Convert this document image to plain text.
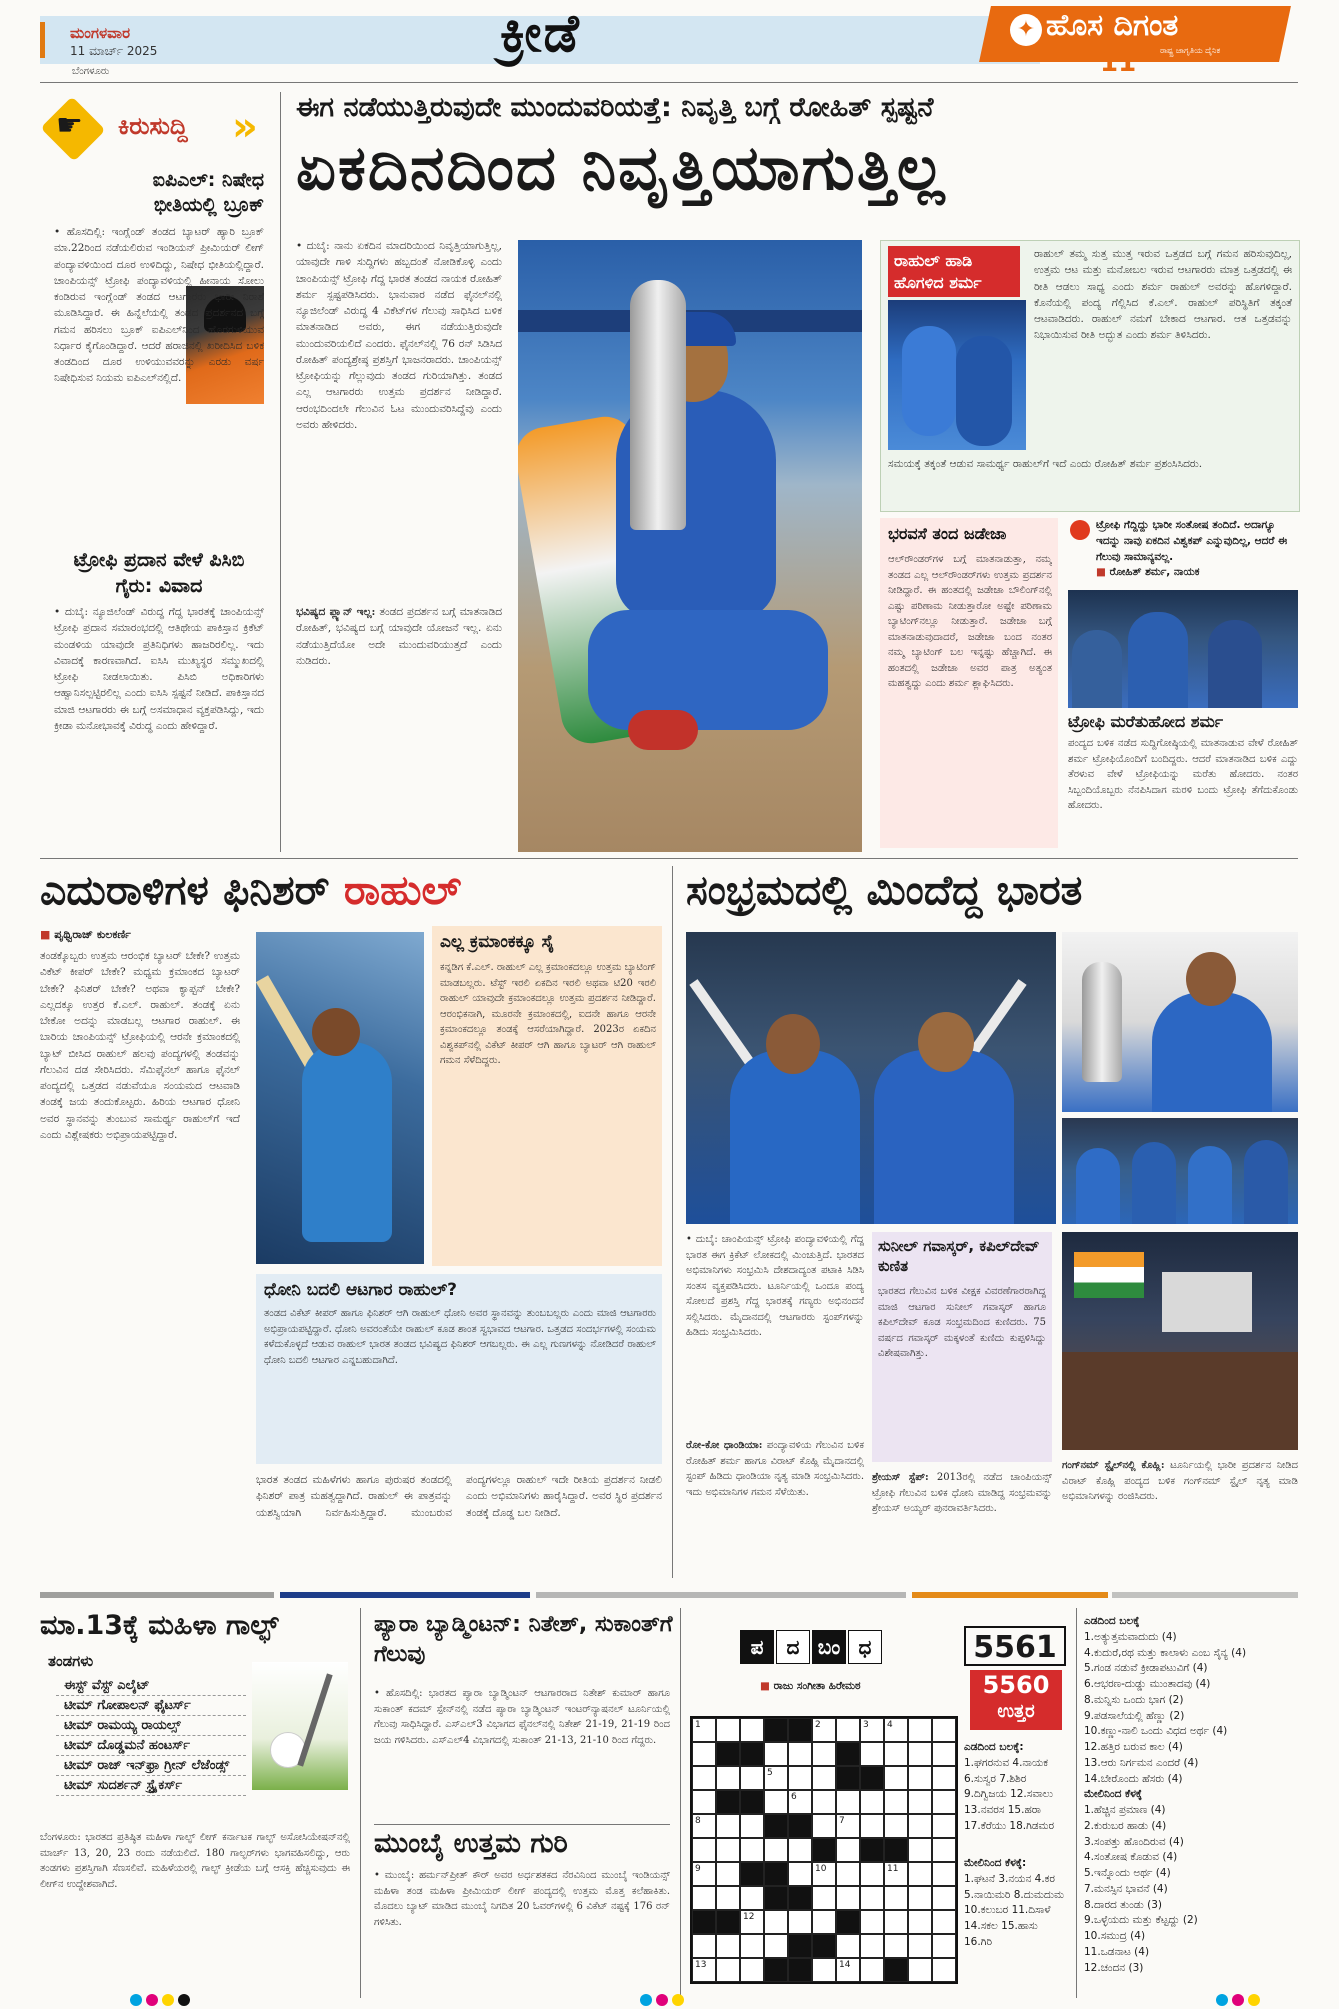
ಮಂಗಳವಾರ
11 ಮಾರ್ಚ್ 2025
ಬೆಂಗಳೂರು
ಕ್ರೀಡೆ	✦ ಹೊಸ ದಿಗಂತ
ರಾಷ್ಟ್ರ ಜಾಗೃತಿಯ ದೈನಿಕ
11
☛ ಕಿರುಸುದ್ದಿ »
ಐಪಿಎಲ್: ನಿಷೇಧ ಭೀತಿಯಲ್ಲಿ ಬ್ರೂಕ್
• ಹೊಸದಿಲ್ಲಿ: ಇಂಗ್ಲೆಂಡ್ ತಂಡದ ಬ್ಯಾಟರ್ ಹ್ಯಾರಿ ಬ್ರೂಕ್ ಮಾ.22ರಿಂದ ನಡೆಯಲಿರುವ ಇಂಡಿಯನ್ ಪ್ರೀಮಿಯರ್ ಲೀಗ್ ಪಂದ್ಯಾವಳಿಯಿಂದ ದೂರ ಉಳಿದಿದ್ದು, ನಿಷೇಧ ಭೀತಿಯಲ್ಲಿದ್ದಾರೆ. ಚಾಂಪಿಯನ್ಸ್ ಟ್ರೋಫಿ ಪಂದ್ಯಾವಳಿಯಲ್ಲಿ ಹೀನಾಯ ಸೋಲು ಕಂಡಿರುವ ಇಂಗ್ಲೆಂಡ್ ತಂಡದ ಆಟಗಾರರು ಭಾರೀ ನಿರಾಶೆ ಮೂಡಿಸಿದ್ದಾರೆ. ಈ ಹಿನ್ನೆಲೆಯಲ್ಲಿ ತಂಡದ ಪ್ರದರ್ಶನದ ಬಗ್ಗೆ ಗಮನ ಹರಿಸಲು ಬ್ರೂಕ್ ಐಪಿಎಲ್‌ನಿಂದ ಹೊರಗುಳಿಯುವ ನಿರ್ಧಾರ ಕೈಗೊಂಡಿದ್ದಾರೆ. ಆದರೆ ಹರಾಜಿನಲ್ಲಿ ಖರೀದಿಸಿದ ಬಳಿಕ ತಂಡದಿಂದ ದೂರ ಉಳಿಯುವವರನ್ನು ಎರಡು ವರ್ಷ ನಿಷೇಧಿಸುವ ನಿಯಮ ಐಪಿಎಲ್‌ನಲ್ಲಿದೆ.
ಟ್ರೋಫಿ ಪ್ರದಾನ ವೇಳೆ ಪಿಸಿಬಿ ಗೈರು: ವಿವಾದ
• ದುಬೈ: ನ್ಯೂಜಿಲೆಂಡ್ ವಿರುದ್ಧ ಗೆದ್ದ ಭಾರತಕ್ಕೆ ಚಾಂಪಿಯನ್ಸ್ ಟ್ರೋಫಿ ಪ್ರದಾನ ಸಮಾರಂಭದಲ್ಲಿ ಆತಿಥೇಯ ಪಾಕಿಸ್ತಾನ ಕ್ರಿಕೆಟ್ ಮಂಡಳಿಯ ಯಾವುದೇ ಪ್ರತಿನಿಧಿಗಳು ಹಾಜರಿರಲಿಲ್ಲ. ಇದು ವಿವಾದಕ್ಕೆ ಕಾರಣವಾಗಿದೆ. ಐಸಿಸಿ ಮುಖ್ಯಸ್ಥರ ಸಮ್ಮುಖದಲ್ಲಿ ಟ್ರೋಫಿ ನೀಡಲಾಯಿತು. ಪಿಸಿಬಿ ಅಧಿಕಾರಿಗಳು ಆಹ್ವಾನಿಸಲ್ಪಟ್ಟಿರಲಿಲ್ಲ ಎಂದು ಐಸಿಸಿ ಸ್ಪಷ್ಟನೆ ನೀಡಿದೆ. ಪಾಕಿಸ್ತಾನದ ಮಾಜಿ ಆಟಗಾರರು ಈ ಬಗ್ಗೆ ಅಸಮಾಧಾನ ವ್ಯಕ್ತಪಡಿಸಿದ್ದು, ಇದು ಕ್ರೀಡಾ ಮನೋಭಾವಕ್ಕೆ ವಿರುದ್ಧ ಎಂದು ಹೇಳಿದ್ದಾರೆ.
ಈಗ ನಡೆಯುತ್ತಿರುವುದೇ ಮುಂದುವರಿಯತ್ತೆ: ನಿವೃತ್ತಿ ಬಗ್ಗೆ ರೋಹಿತ್ ಸ್ಪಷ್ಟನೆ
ಏಕದಿನದಿಂದ ನಿವೃತ್ತಿಯಾಗುತ್ತಿಲ್ಲ
• ದುಬೈ: ನಾನು ಏಕದಿನ ಮಾದರಿಯಿಂದ ನಿವೃತ್ತಿಯಾಗುತ್ತಿಲ್ಲ, ಯಾವುದೇ ಗಾಳಿ ಸುದ್ದಿಗಳು ಹಬ್ಬದಂತೆ ನೋಡಿಕೊಳ್ಳಿ ಎಂದು ಚಾಂಪಿಯನ್ಸ್ ಟ್ರೋಫಿ ಗೆದ್ದ ಭಾರತ ತಂಡದ ನಾಯಕ ರೋಹಿತ್ ಶರ್ಮ ಸ್ಪಷ್ಟಪಡಿಸಿದರು. ಭಾನುವಾರ ನಡೆದ ಫೈನಲ್‌ನಲ್ಲಿ ನ್ಯೂಜಿಲೆಂಡ್ ವಿರುದ್ಧ 4 ವಿಕೆಟ್‌ಗಳ ಗೆಲುವು ಸಾಧಿಸಿದ ಬಳಿಕ ಮಾತನಾಡಿದ ಅವರು, ಈಗ ನಡೆಯುತ್ತಿರುವುದೇ ಮುಂದುವರಿಯಲಿದೆ ಎಂದರು. ಫೈನಲ್‌ನಲ್ಲಿ 76 ರನ್ ಸಿಡಿಸಿದ ರೋಹಿತ್ ಪಂದ್ಯಶ್ರೇಷ್ಠ ಪ್ರಶಸ್ತಿಗೆ ಭಾಜನರಾದರು. ಚಾಂಪಿಯನ್ಸ್ ಟ್ರೋಫಿಯನ್ನು ಗೆಲ್ಲುವುದು ತಂಡದ ಗುರಿಯಾಗಿತ್ತು. ತಂಡದ ಎಲ್ಲ ಆಟಗಾರರು ಉತ್ತಮ ಪ್ರದರ್ಶನ ನೀಡಿದ್ದಾರೆ. ಆರಂಭದಿಂದಲೇ ಗೆಲುವಿನ ಓಟ ಮುಂದುವರಿಸಿದ್ದೆವು ಎಂದು ಅವರು ಹೇಳಿದರು.
ಭವಿಷ್ಯದ ಪ್ಲ್ಯಾನ್ ಇಲ್ಲ: ತಂಡದ ಪ್ರದರ್ಶನ ಬಗ್ಗೆ ಮಾತನಾಡಿದ ರೋಹಿತ್, ಭವಿಷ್ಯದ ಬಗ್ಗೆ ಯಾವುದೇ ಯೋಜನೆ ಇಲ್ಲ. ಏನು ನಡೆಯುತ್ತಿದೆಯೋ ಅದೇ ಮುಂದುವರಿಯುತ್ತದೆ ಎಂದು ನುಡಿದರು.
ರಾಹುಲ್ ಹಾಡಿ ಹೊಗಳಿದ ಶರ್ಮ
ರಾಹುಲ್ ತಮ್ಮ ಸುತ್ತ ಮುತ್ತ ಇರುವ ಒತ್ತಡದ ಬಗ್ಗೆ ಗಮನ ಹರಿಸುವುದಿಲ್ಲ, ಉತ್ತಮ ಆಟ ಮತ್ತು ಮನೋಬಲ ಇರುವ ಆಟಗಾರರು ಮಾತ್ರ ಒತ್ತಡದಲ್ಲಿ ಈ ರೀತಿ ಆಡಲು ಸಾಧ್ಯ ಎಂದು ಶರ್ಮ ರಾಹುಲ್ ಅವರನ್ನು ಹೊಗಳಿದ್ದಾರೆ. ಕೊನೆಯಲ್ಲಿ ಪಂದ್ಯ ಗೆಲ್ಲಿಸಿದ ಕೆ.ಎಲ್. ರಾಹುಲ್ ಪರಿಸ್ಥಿತಿಗೆ ತಕ್ಕಂತೆ ಆಟವಾಡಿದರು. ರಾಹುಲ್ ನಮಗೆ ಬೇಕಾದ ಆಟಗಾರ. ಆತ ಒತ್ತಡವನ್ನು ನಿಭಾಯಿಸುವ ರೀತಿ ಅದ್ಭುತ ಎಂದು ಶರ್ಮ ತಿಳಿಸಿದರು.
ಸಮಯಕ್ಕೆ ತಕ್ಕಂತೆ ಆಡುವ ಸಾಮರ್ಥ್ಯ ರಾಹುಲ್‌ಗೆ ಇದೆ ಎಂದು ರೋಹಿತ್ ಶರ್ಮ ಪ್ರಶಂಸಿಸಿದರು.
ಭರವಸೆ ತಂದ ಜಡೇಜಾ
ಆಲ್‌ರೌಂಡರ್‌ಗಳ ಬಗ್ಗೆ ಮಾತನಾಡುತ್ತಾ, ನಮ್ಮ ತಂಡದ ಎಲ್ಲ ಆಲ್‌ರೌಂಡರ್‌ಗಳು ಉತ್ತಮ ಪ್ರದರ್ಶನ ನೀಡಿದ್ದಾರೆ. ಈ ಹಂತದಲ್ಲಿ ಜಡೇಜಾ ಬೌಲಿಂಗ್‌ನಲ್ಲಿ ಎಷ್ಟು ಪರಿಣಾಮ ನೀಡುತ್ತಾರೋ ಅಷ್ಟೇ ಪರಿಣಾಮ ಬ್ಯಾಟಿಂಗ್‌ನಲ್ಲೂ ನೀಡುತ್ತಾರೆ. ಜಡೇಜಾ ಬಗ್ಗೆ ಮಾತನಾಡುವುದಾದರೆ, ಜಡೇಜಾ ಬಂದ ನಂತರ ನಮ್ಮ ಬ್ಯಾಟಿಂಗ್ ಬಲ ಇನ್ನಷ್ಟು ಹೆಚ್ಚಾಗಿದೆ. ಈ ಹಂತದಲ್ಲಿ ಜಡೇಜಾ ಅವರ ಪಾತ್ರ ಅತ್ಯಂತ ಮಹತ್ವದ್ದು ಎಂದು ಶರ್ಮ ಶ್ಲಾಘಿಸಿದರು.
ಟ್ರೋಫಿ ಗೆದ್ದಿದ್ದು ಭಾರೀ ಸಂತೋಷ ತಂದಿದೆ. ಅದಾಗ್ಯೂ ಇದನ್ನು ನಾವು ಏಕದಿನ ವಿಶ್ವಕಪ್ ಎನ್ನುವುದಿಲ್ಲ, ಆದರೆ ಈ ಗೆಲುವು ಸಾಮಾನ್ಯವಲ್ಲ.
■ ರೋಹಿತ್ ಶರ್ಮ, ನಾಯಕ
ಟ್ರೋಫಿ ಮರೆತುಹೋದ ಶರ್ಮ
ಪಂದ್ಯದ ಬಳಿಕ ನಡೆದ ಸುದ್ದಿಗೋಷ್ಠಿಯಲ್ಲಿ ಮಾತನಾಡುವ ವೇಳೆ ರೋಹಿತ್ ಶರ್ಮ ಟ್ರೋಫಿಯೊಂದಿಗೆ ಬಂದಿದ್ದರು. ಆದರೆ ಮಾತನಾಡಿದ ಬಳಿಕ ಎದ್ದು ತೆರಳುವ ವೇಳೆ ಟ್ರೋಫಿಯನ್ನು ಮರೆತು ಹೋದರು. ನಂತರ ಸಿಬ್ಬಂದಿಯೊಬ್ಬರು ನೆನಪಿಸಿದಾಗ ಮರಳಿ ಬಂದು ಟ್ರೋಫಿ ತೆಗೆದುಕೊಂಡು ಹೋದರು.
ಎದುರಾಳಿಗಳ ಫಿನಿಶರ್ ರಾಹುಲ್
■ ಪೃಥ್ವಿರಾಜ್ ಕುಲಕರ್ಣಿ
ತಂಡಕ್ಕೊಬ್ಬರು ಉತ್ತಮ ಆರಂಭಿಕ ಬ್ಯಾಟರ್ ಬೇಕೇ? ಉತ್ತಮ ವಿಕೆಟ್ ಕೀಪರ್ ಬೇಕೇ? ಮಧ್ಯಮ ಕ್ರಮಾಂಕದ ಬ್ಯಾಟರ್ ಬೇಕೇ? ಫಿನಿಶರ್ ಬೇಕೇ? ಅಥವಾ ಕ್ಯಾಪ್ಟನ್ ಬೇಕೇ? ಎಲ್ಲದಕ್ಕೂ ಉತ್ತರ ಕೆ.ಎಲ್. ರಾಹುಲ್. ತಂಡಕ್ಕೆ ಏನು ಬೇಕೋ ಅದನ್ನು ಮಾಡಬಲ್ಲ ಆಟಗಾರ ರಾಹುಲ್. ಈ ಬಾರಿಯ ಚಾಂಪಿಯನ್ಸ್ ಟ್ರೋಫಿಯಲ್ಲಿ ಆರನೇ ಕ್ರಮಾಂಕದಲ್ಲಿ ಬ್ಯಾಟ್ ಬೀಸಿದ ರಾಹುಲ್ ಹಲವು ಪಂದ್ಯಗಳಲ್ಲಿ ತಂಡವನ್ನು ಗೆಲುವಿನ ದಡ ಸೇರಿಸಿದರು. ಸೆಮಿಫೈನಲ್ ಹಾಗೂ ಫೈನಲ್ ಪಂದ್ಯದಲ್ಲಿ ಒತ್ತಡದ ನಡುವೆಯೂ ಸಂಯಮದ ಆಟವಾಡಿ ತಂಡಕ್ಕೆ ಜಯ ತಂದುಕೊಟ್ಟರು. ಹಿರಿಯ ಆಟಗಾರ ಧೋನಿ ಅವರ ಸ್ಥಾನವನ್ನು ತುಂಬುವ ಸಾಮರ್ಥ್ಯ ರಾಹುಲ್‌ಗೆ ಇದೆ ಎಂದು ವಿಶ್ಲೇಷಕರು ಅಭಿಪ್ರಾಯಪಟ್ಟಿದ್ದಾರೆ.
ಎಲ್ಲ ಕ್ರಮಾಂಕಕ್ಕೂ ಸೈ
ಕನ್ನಡಿಗ ಕೆ.ಎಲ್. ರಾಹುಲ್ ಎಲ್ಲ ಕ್ರಮಾಂಕದಲ್ಲೂ ಉತ್ತಮ ಬ್ಯಾಟಿಂಗ್ ಮಾಡಬಲ್ಲರು. ಟೆಸ್ಟ್ ಇರಲಿ ಏಕದಿನ ಇರಲಿ ಅಥವಾ ಟಿ20 ಇರಲಿ ರಾಹುಲ್ ಯಾವುದೇ ಕ್ರಮಾಂಕದಲ್ಲೂ ಉತ್ತಮ ಪ್ರದರ್ಶನ ನೀಡಿದ್ದಾರೆ. ಆರಂಭಿಕನಾಗಿ, ಮೂರನೇ ಕ್ರಮಾಂಕದಲ್ಲಿ, ಐದನೇ ಹಾಗೂ ಆರನೇ ಕ್ರಮಾಂಕದಲ್ಲೂ ತಂಡಕ್ಕೆ ಆಸರೆಯಾಗಿದ್ದಾರೆ. 2023ರ ಏಕದಿನ ವಿಶ್ವಕಪ್‌ನಲ್ಲಿ ವಿಕೆಟ್ ಕೀಪರ್ ಆಗಿ ಹಾಗೂ ಬ್ಯಾಟರ್ ಆಗಿ ರಾಹುಲ್ ಗಮನ ಸೆಳೆದಿದ್ದರು.
ಧೋನಿ ಬದಲಿ ಆಟಗಾರ ರಾಹುಲ್?
ತಂಡದ ವಿಕೆಟ್ ಕೀಪರ್ ಹಾಗೂ ಫಿನಿಶರ್ ಆಗಿ ರಾಹುಲ್ ಧೋನಿ ಅವರ ಸ್ಥಾನವನ್ನು ತುಂಬಬಲ್ಲರು ಎಂದು ಮಾಜಿ ಆಟಗಾರರು ಅಭಿಪ್ರಾಯಪಟ್ಟಿದ್ದಾರೆ. ಧೋನಿ ಅವರಂತೆಯೇ ರಾಹುಲ್ ಕೂಡ ಶಾಂತ ಸ್ವಭಾವದ ಆಟಗಾರ. ಒತ್ತಡದ ಸಂದರ್ಭಗಳಲ್ಲಿ ಸಂಯಮ ಕಳೆದುಕೊಳ್ಳದೆ ಆಡುವ ರಾಹುಲ್ ಭಾರತ ತಂಡದ ಭವಿಷ್ಯದ ಫಿನಿಶರ್ ಆಗಬಲ್ಲರು. ಈ ಎಲ್ಲ ಗುಣಗಳನ್ನು ನೋಡಿದರೆ ರಾಹುಲ್ ಧೋನಿ ಬದಲಿ ಆಟಗಾರ ಎನ್ನಬಹುದಾಗಿದೆ.
ಭಾರತ ತಂಡದ ಮಹಿಳೆಗಳು ಹಾಗೂ ಪುರುಷರ ತಂಡದಲ್ಲಿ ಫಿನಿಶರ್ ಪಾತ್ರ ಮಹತ್ವದ್ದಾಗಿದೆ. ರಾಹುಲ್ ಈ ಪಾತ್ರವನ್ನು ಯಶಸ್ವಿಯಾಗಿ ನಿರ್ವಹಿಸುತ್ತಿದ್ದಾರೆ. ಮುಂಬರುವ ಪಂದ್ಯಗಳಲ್ಲೂ ರಾಹುಲ್ ಇದೇ ರೀತಿಯ ಪ್ರದರ್ಶನ ನೀಡಲಿ ಎಂದು ಅಭಿಮಾನಿಗಳು ಹಾರೈಸಿದ್ದಾರೆ. ಅವರ ಸ್ಥಿರ ಪ್ರದರ್ಶನ ತಂಡಕ್ಕೆ ದೊಡ್ಡ ಬಲ ನೀಡಿದೆ.
ಸಂಭ್ರಮದಲ್ಲಿ ಮಿಂದೆದ್ದ ಭಾರತ
• ದುಬೈ: ಚಾಂಪಿಯನ್ಸ್ ಟ್ರೋಫಿ ಪಂದ್ಯಾವಳಿಯಲ್ಲಿ ಗೆದ್ದ ಭಾರತ ಈಗ ಕ್ರಿಕೆಟ್ ಲೋಕದಲ್ಲಿ ಮಿಂಚುತ್ತಿದೆ. ಭಾರತದ ಅಭಿಮಾನಿಗಳು ಸಂಭ್ರಮಿಸಿ ದೇಶದಾದ್ಯಂತ ಪಟಾಕಿ ಸಿಡಿಸಿ ಸಂತಸ ವ್ಯಕ್ತಪಡಿಸಿದರು. ಟೂರ್ನಿಯಲ್ಲಿ ಒಂದೂ ಪಂದ್ಯ ಸೋಲದೆ ಪ್ರಶಸ್ತಿ ಗೆದ್ದ ಭಾರತಕ್ಕೆ ಗಣ್ಯರು ಅಭಿನಂದನೆ ಸಲ್ಲಿಸಿದರು. ಮೈದಾನದಲ್ಲಿ ಆಟಗಾರರು ಸ್ಟಂಪ್‌ಗಳನ್ನು ಹಿಡಿದು ಸಂಭ್ರಮಿಸಿದರು.
ರೋ-ಕೋ ಧಾಂಡಿಯಾ: ಪಂದ್ಯಾವಳಿಯ ಗೆಲುವಿನ ಬಳಿಕ ರೋಹಿತ್ ಶರ್ಮ ಹಾಗೂ ವಿರಾಟ್ ಕೊಹ್ಲಿ ಮೈದಾನದಲ್ಲಿ ಸ್ಟಂಪ್ ಹಿಡಿದು ಧಾಂಡಿಯಾ ನೃತ್ಯ ಮಾಡಿ ಸಂಭ್ರಮಿಸಿದರು. ಇದು ಅಭಿಮಾನಿಗಳ ಗಮನ ಸೆಳೆಯಿತು.
ಸುನೀಲ್ ಗವಾಸ್ಕರ್, ಕಪಿಲ್‌ದೇವ್ ಕುಣಿತ
ಭಾರತದ ಗೆಲುವಿನ ಬಳಿಕ ವೀಕ್ಷಕ ವಿವರಣೆಗಾರರಾಗಿದ್ದ ಮಾಜಿ ಆಟಗಾರ ಸುನೀಲ್ ಗವಾಸ್ಕರ್ ಹಾಗೂ ಕಪಿಲ್‌ದೇವ್ ಕೂಡ ಸಂಭ್ರಮದಿಂದ ಕುಣಿದರು. 75 ವರ್ಷದ ಗವಾಸ್ಕರ್ ಮಕ್ಕಳಂತೆ ಕುಣಿದು ಕುಪ್ಪಳಿಸಿದ್ದು ವಿಶೇಷವಾಗಿತ್ತು.
ಶ್ರೇಯಸ್ ಸ್ಟೆಪ್: 2013ರಲ್ಲಿ ನಡೆದ ಚಾಂಪಿಯನ್ಸ್ ಟ್ರೋಫಿ ಗೆಲುವಿನ ಬಳಿಕ ಧೋನಿ ಮಾಡಿದ್ದ ಸಂಭ್ರಮವನ್ನು ಶ್ರೇಯಸ್ ಅಯ್ಯರ್ ಪುನರಾವರ್ತಿಸಿದರು.
ಗಂಗ್‌ನಮ್ ಸ್ಟೈಲ್‌ನಲ್ಲಿ ಕೊಹ್ಲಿ: ಟೂರ್ನಿಯಲ್ಲಿ ಭಾರೀ ಪ್ರದರ್ಶನ ನೀಡಿದ ವಿರಾಟ್ ಕೊಹ್ಲಿ ಪಂದ್ಯದ ಬಳಿಕ ಗಂಗ್‌ನಮ್ ಸ್ಟೈಲ್ ನೃತ್ಯ ಮಾಡಿ ಅಭಿಮಾನಿಗಳನ್ನು ರಂಜಿಸಿದರು.
ಮಾ.13ಕ್ಕೆ ಮಹಿಳಾ ಗಾಲ್ಫ್
ತಂಡಗಳು
ಈಸ್ಟ್ ವೆಸ್ಟ್ ಎಲೈಟ್
ಟೀಮ್ ಗೋಪಾಲನ್ ಫೈಟರ್ಸ್
ಟೀಮ್ ರಾಮಯ್ಯ ರಾಯಲ್ಸ್
ಟೀಮ್ ದೊಡ್ಡಮನೆ ಹಂಟರ್ಸ್
ಟೀಮ್ ರಾಜ್ ಇನ್‌ಫ್ರಾ ಗ್ರೀನ್ ಲೆಜೆಂಡ್ಸ್
ಟೀಮ್ ಸುದರ್ಶನ್ ಸ್ಟ್ರೈಕರ್ಸ್
ಬೆಂಗಳೂರು: ಭಾರತದ ಪ್ರತಿಷ್ಠಿತ ಮಹಿಳಾ ಗಾಲ್ಫ್ ಲೀಗ್ ಕರ್ನಾಟಕ ಗಾಲ್ಫ್ ಅಸೋಸಿಯೇಷನ್‌ನಲ್ಲಿ ಮಾರ್ಚ್ 13, 20, 23 ರಂದು ನಡೆಯಲಿದೆ. 180 ಗಾಲ್ಫರ್‌ಗಳು ಭಾಗವಹಿಸಲಿದ್ದು, ಆರು ತಂಡಗಳು ಪ್ರಶಸ್ತಿಗಾಗಿ ಸೆಣಸಲಿವೆ. ಮಹಿಳೆಯರಲ್ಲಿ ಗಾಲ್ಫ್ ಕ್ರೀಡೆಯ ಬಗ್ಗೆ ಆಸಕ್ತಿ ಹೆಚ್ಚಿಸುವುದು ಈ ಲೀಗ್‌ನ ಉದ್ದೇಶವಾಗಿದೆ.
ಪ್ಯಾರಾ ಬ್ಯಾಡ್ಮಿಂಟನ್: ನಿತೇಶ್, ಸುಕಾಂತ್‌ಗೆ ಗೆಲುವು
• ಹೊಸದಿಲ್ಲಿ: ಭಾರತದ ಪ್ಯಾರಾ ಬ್ಯಾಡ್ಮಿಂಟನ್ ಆಟಗಾರರಾದ ನಿತೇಶ್ ಕುಮಾರ್ ಹಾಗೂ ಸುಕಾಂತ್ ಕದಮ್ ಸ್ಪೇನ್‌ನಲ್ಲಿ ನಡೆದ ಪ್ಯಾರಾ ಬ್ಯಾಡ್ಮಿಂಟನ್ ಇಂಟರ್‌ನ್ಯಾಷನಲ್ ಟೂರ್ನಿಯಲ್ಲಿ ಗೆಲುವು ಸಾಧಿಸಿದ್ದಾರೆ. ಎಸ್‌ಎಲ್3 ವಿಭಾಗದ ಫೈನಲ್‌ನಲ್ಲಿ ನಿತೇಶ್ 21-19, 21-19 ರಿಂದ ಜಯ ಗಳಿಸಿದರು. ಎಸ್‌ಎಲ್4 ವಿಭಾಗದಲ್ಲಿ ಸುಕಾಂತ್ 21-13, 21-10 ರಿಂದ ಗೆದ್ದರು.
ಮುಂಬೈ ಉತ್ತಮ ಗುರಿ
• ಮುಂಬೈ: ಹರ್ಮನ್‌ಪ್ರೀತ್ ಕೌರ್ ಅವರ ಅರ್ಧಶತಕದ ನೆರವಿನಿಂದ ಮುಂಬೈ ಇಂಡಿಯನ್ಸ್ ಮಹಿಳಾ ತಂಡ ಮಹಿಳಾ ಪ್ರೀಮಿಯರ್ ಲೀಗ್ ಪಂದ್ಯದಲ್ಲಿ ಉತ್ತಮ ಮೊತ್ತ ಕಲೆಹಾಕಿತು. ಮೊದಲು ಬ್ಯಾಟ್ ಮಾಡಿದ ಮುಂಬೈ ನಿಗದಿತ 20 ಓವರ್‌ಗಳಲ್ಲಿ 6 ವಿಕೆಟ್ ನಷ್ಟಕ್ಕೆ 176 ರನ್ ಗಳಿಸಿತು.
ಪ	ದ ಬಂ ಧ
■ ರಾಜು ಸಂಗೀತಾ ಹಿರೇಮಠ
1	2	3	4
5
6
8	7
9	10	11
12
13	14
5561
5560
ಉತ್ತರ
ಎಡದಿಂದ ಬಲಕ್ಕೆ:
1.ಘಗರನುವ 4.ನಾಯಕ 6.ಸುಸ್ವರ 7.ಶಿಶಿರ 9.ದಿಗ್ವಿಜಯ 12.ಸವಾಲು 13.ನವರಸ 15.ಹರಾ 17.ಕೆರೆಯು 18.ಗಿಡಮರ
ಮೇಲಿನಿಂದ ಕೆಳಕ್ಕೆ:
1.ಘಟನೆ 3.ನಯನ 4.ಕರ 5.ನಾಯಿಮರಿ 8.ದುಮದುಮ 10.ಕಲುಬರ 11.ದಿಸಾಳೆ 14.ಸಕಲ 15.ಹಾಸು 16.ಗಿರಿ
ಎಡದಿಂದ ಬಲಕ್ಕೆ
1.ಅತ್ಯುತ್ತಮವಾದುದು (4)
4.ಕುದುರೆ,ರಥ ಮತ್ತು ಕಾಲಾಳು ಎಂಬ ಸೈನ್ಯ (4)
5.ಗಂಡ ನಡುವೆ ಕ್ರೀಡಾಪಟುವಿಗೆ (4)
6.ಆಭರಣ-ದುಡ್ಡು ಮುಂತಾದವು (4)
8.ಮನ್ನಿಸು ಒಂದು ಭಾಗ (2)
9.ಪಡಸಾಲೆಯಲ್ಲಿ ಹೆಣ್ಣು (2)
10.ಕಣ್ಣು-ನಾಲಿ ಒಂದು ವಿಧದ ಅರ್ಥ (4)
12.ಹತ್ತಿರ ಬರುವ ಕಾಲ (4)
13.ಆರು ನಿರ್ಗಮನ ಎಂದರೆ (4)
14.ಬೇರೊಂದು ಹೆಸರು (4)
ಮೇಲಿನಿಂದ ಕೆಳಕ್ಕೆ
1.ಹೆಚ್ಚಿನ ಪ್ರಮಾಣ (4)
2.ಕುರುಬರ ಹಾಡು (4)
3.ಸಂಪತ್ತು ಹೊಂದಿರುವ (4)
4.ಸಂತೋಷ ಕೊಡುವ (4)
5.ಇನ್ನೊಂದು ಅರ್ಥ (4)
7.ಮನಸ್ಸಿನ ಭಾವನೆ (4)
8.ದಾರದ ತುಂಡು (3)
9.ಒಳ್ಳೆಯದು ಮತ್ತು ಕೆಟ್ಟದ್ದು (2)
10.ಸಮುದ್ರ (4)
11.ಒಡನಾಟ (4)
12.ಚಂದನ (3)
